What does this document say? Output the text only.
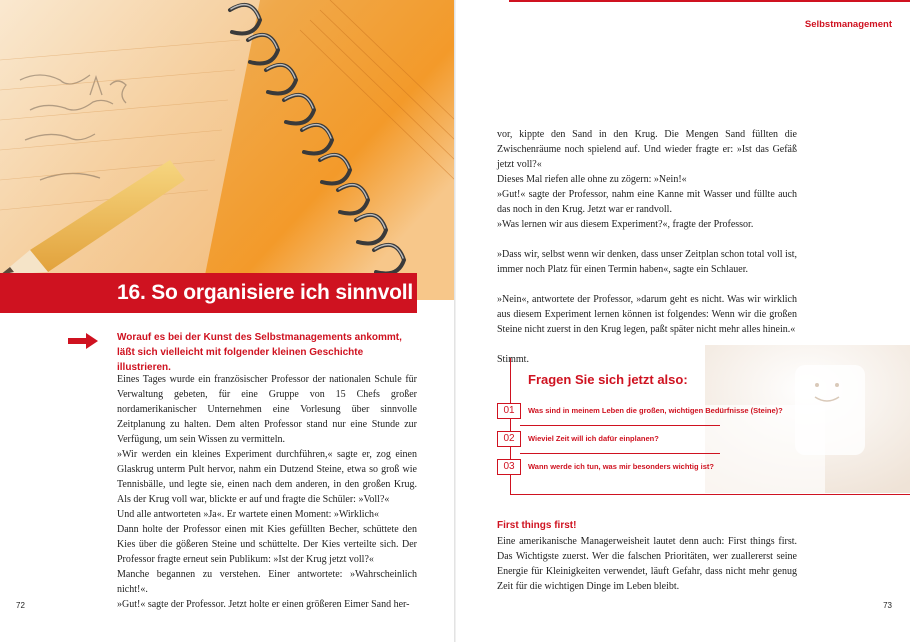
16. So organisiere ich sinnvoll
Worauf es bei der Kunst des Selbstmanagements ankommt, läßt sich vielleicht mit folgender kleinen Geschichte illustrieren.

Eines Tages wurde ein französischer Professor der nationalen Schule für Verwaltung gebeten, für eine Gruppe von 15 Chefs großer nordamerikanischer Unternehmen eine Vorlesung über sinnvolle Zeitplanung zu halten. Dem alten Professor stand nur eine Stunde zur Verfügung, um sein Wissen zu vermitteln.

»Wir werden ein kleines Experiment durchführen,« sagte er, zog einen Glaskrug unterm Pult hervor, nahm ein Dutzend Steine, etwa so groß wie Tennisbälle, und legte sie, einen nach dem anderen, in den großen Krug. Als der Krug voll war, blickte er auf und fragte die Schüler: »Voll?«

Und alle antworteten »Ja«. Er wartete einen Moment: »Wirklich«

Dann holte der Professor einen mit Kies gefüllten Becher, schüttete den Kies über die gößeren Steine und schüttelte. Der Kies verteilte sich. Der Professor fragte erneut sein Publikum: »Ist der Krug jetzt voll?«

Manche begannen zu verstehen. Einer antwortete: »Wahrscheinlich nicht!«.

»Gut!« sagte der Professor. Jetzt holte er einen größeren Eimer Sand her-

72
Selbstmanagement

vor, kippte den Sand in den Krug. Die Mengen Sand füllten die Zwischenräume noch spielend auf. Und wieder fragte er: »Ist das Gefäß jetzt voll?«

Dieses Mal riefen alle ohne zu zögern: »Nein!«

»Gut!« sagte der Professor, nahm eine Kanne mit Wasser und füllte auch das noch in den Krug. Jetzt war er randvoll.

»Was lernen wir aus diesem Experiment?«, fragte der Professor.

»Dass wir, selbst wenn wir denken, dass unser Zeitplan schon total voll ist, immer noch Platz für einen Termin haben«, sagte ein Schlauer.

»Nein«, antwortete der Professor, »darum geht es nicht. Was wir wirklich aus diesem Experiment lernen können ist folgendes: Wenn wir die großen Steine nicht zuerst in den Krug legen, paßt später nicht mehr alles hinein.«

Stimmt.

Fragen Sie sich jetzt also:
01	Was sind in meinem Leben die großen, wichtigen Bedürfnisse (Steine)?
02	Wieviel Zeit will ich dafür einplanen?
03	Wann werde ich tun, was mir besonders wichtig ist?
First things first!
Eine amerikanische Managerweisheit lautet denn auch: First things first. Das Wichtigste zuerst. Wer die falschen Prioritäten, wer zuallererst seine Energie für Kleinigkeiten verwendet, läuft Gefahr, dass nicht mehr genug Zeit für die wichtigen Dinge im Leben bleibt.
73
